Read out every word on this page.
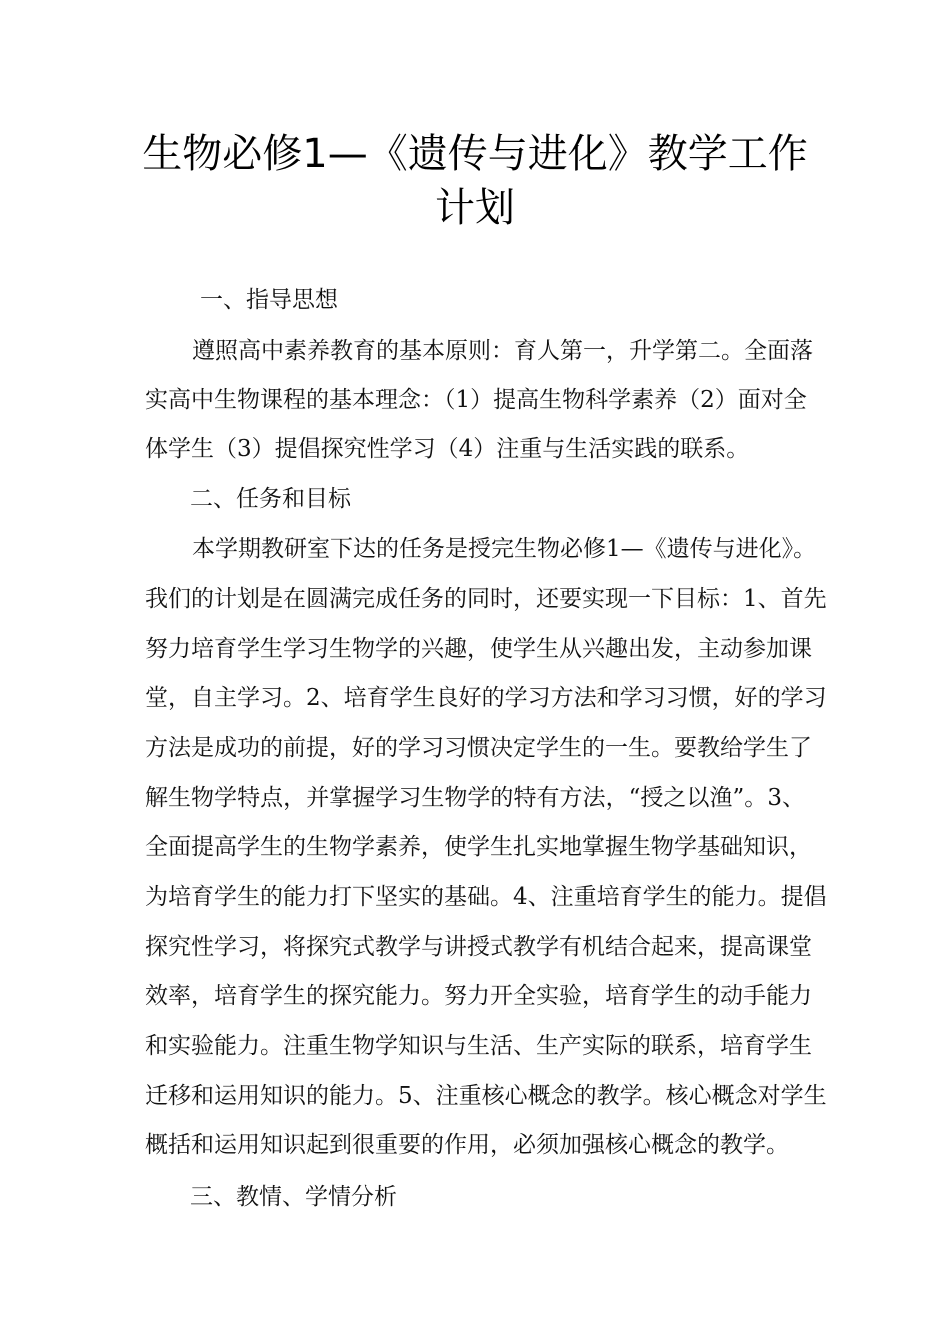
生物必修1—《遗传与进化》教学工作
计划
一、指导思想
遵照高中素养教育的基本原则：育人第一，升学第二。全面落
实高中生物课程的基本理念：（1）提高生物科学素养（2）面对全
体学生（3）提倡探究性学习（4）注重与生活实践的联系。
二、任务和目标
本学期教研室下达的任务是授完生物必修1—《遗传与进化》。
我们的计划是在圆满完成任务的同时，还要实现一下目标：1、首先
努力培育学生学习生物学的兴趣，使学生从兴趣出发，主动参加课
堂，自主学习。2、培育学生良好的学习方法和学习习惯，好的学习
方法是成功的前提，好的学习习惯决定学生的一生。要教给学生了
解生物学特点，并掌握学习生物学的特有方法，“授之以渔”。3、
全面提高学生的生物学素养，使学生扎实地掌握生物学基础知识，
为培育学生的能力打下坚实的基础。4、注重培育学生的能力。提倡
探究性学习，将探究式教学与讲授式教学有机结合起来，提高课堂
效率，培育学生的探究能力。努力开全实验，培育学生的动手能力
和实验能力。注重生物学知识与生活、生产实际的联系，培育学生
迁移和运用知识的能力。5、注重核心概念的教学。核心概念对学生
概括和运用知识起到很重要的作用，必须加强核心概念的教学。
三、教情、学情分析
